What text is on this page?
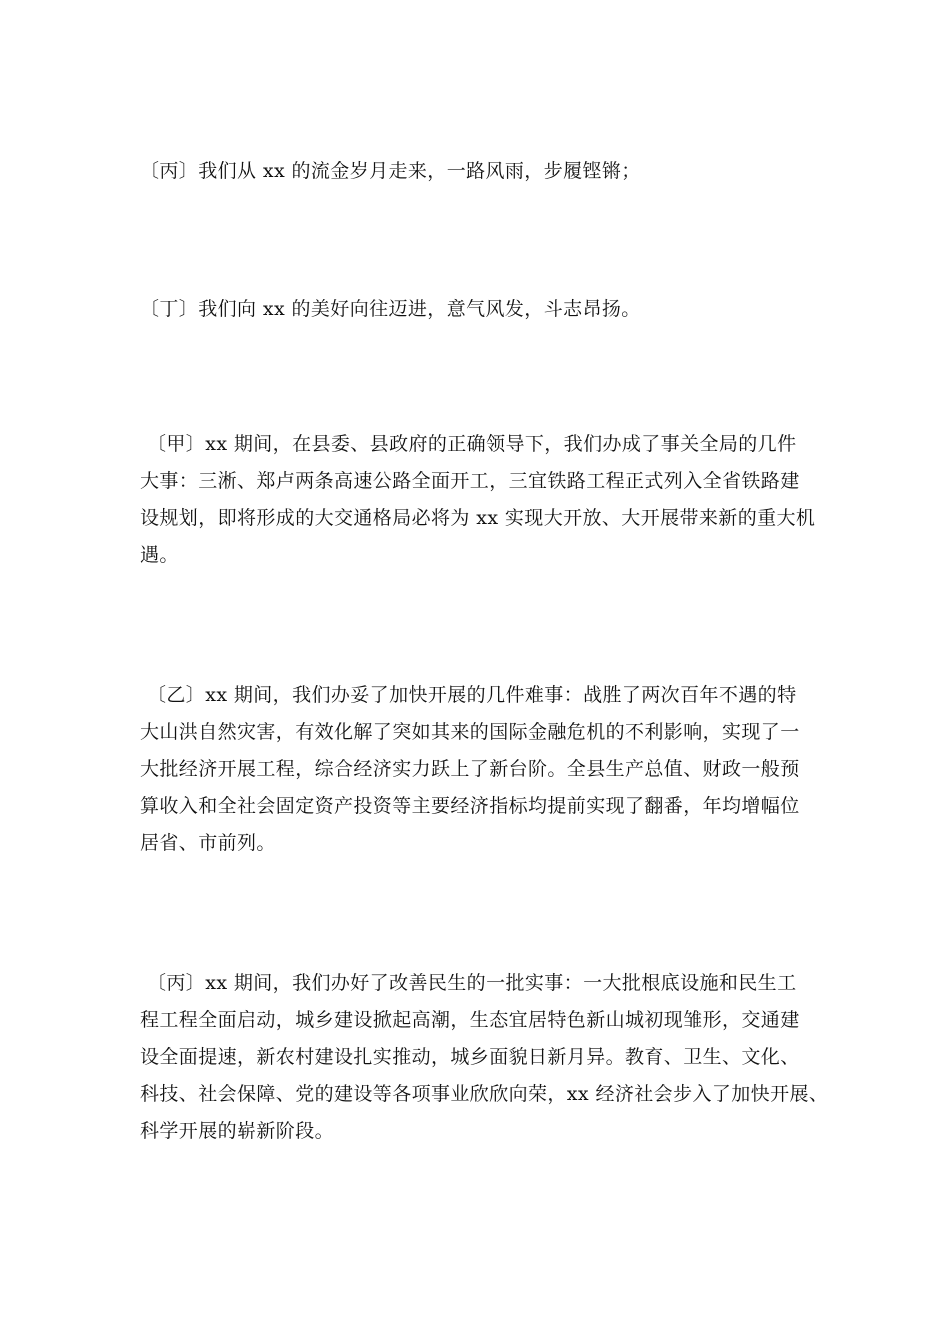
〔丙〕我们从 xx 的流金岁月走来，一路风雨，步履铿锵；

〔丁〕我们向 xx 的美好向往迈进，意气风发，斗志昂扬。

〔甲〕xx 期间，在县委、县政府的正确领导下，我们办成了事关全局的几件
大事：三淅、郑卢两条高速公路全面开工，三宜铁路工程正式列入全省铁路建
设规划，即将形成的大交通格局必将为 xx 实现大开放、大开展带来新的重大机
遇。

〔乙〕xx 期间，我们办妥了加快开展的几件难事：战胜了两次百年不遇的特
大山洪自然灾害，有效化解了突如其来的国际金融危机的不利影响，实现了一
大批经济开展工程，综合经济实力跃上了新台阶。全县生产总值、财政一般预
算收入和全社会固定资产投资等主要经济指标均提前实现了翻番，年均增幅位
居省、市前列。

〔丙〕xx 期间，我们办好了改善民生的一批实事：一大批根底设施和民生工
程工程全面启动，城乡建设掀起高潮，生态宜居特色新山城初现雏形，交通建
设全面提速，新农村建设扎实推动，城乡面貌日新月异。教育、卫生、文化、
科技、社会保障、党的建设等各项事业欣欣向荣，xx 经济社会步入了加快开展、
科学开展的崭新阶段。
